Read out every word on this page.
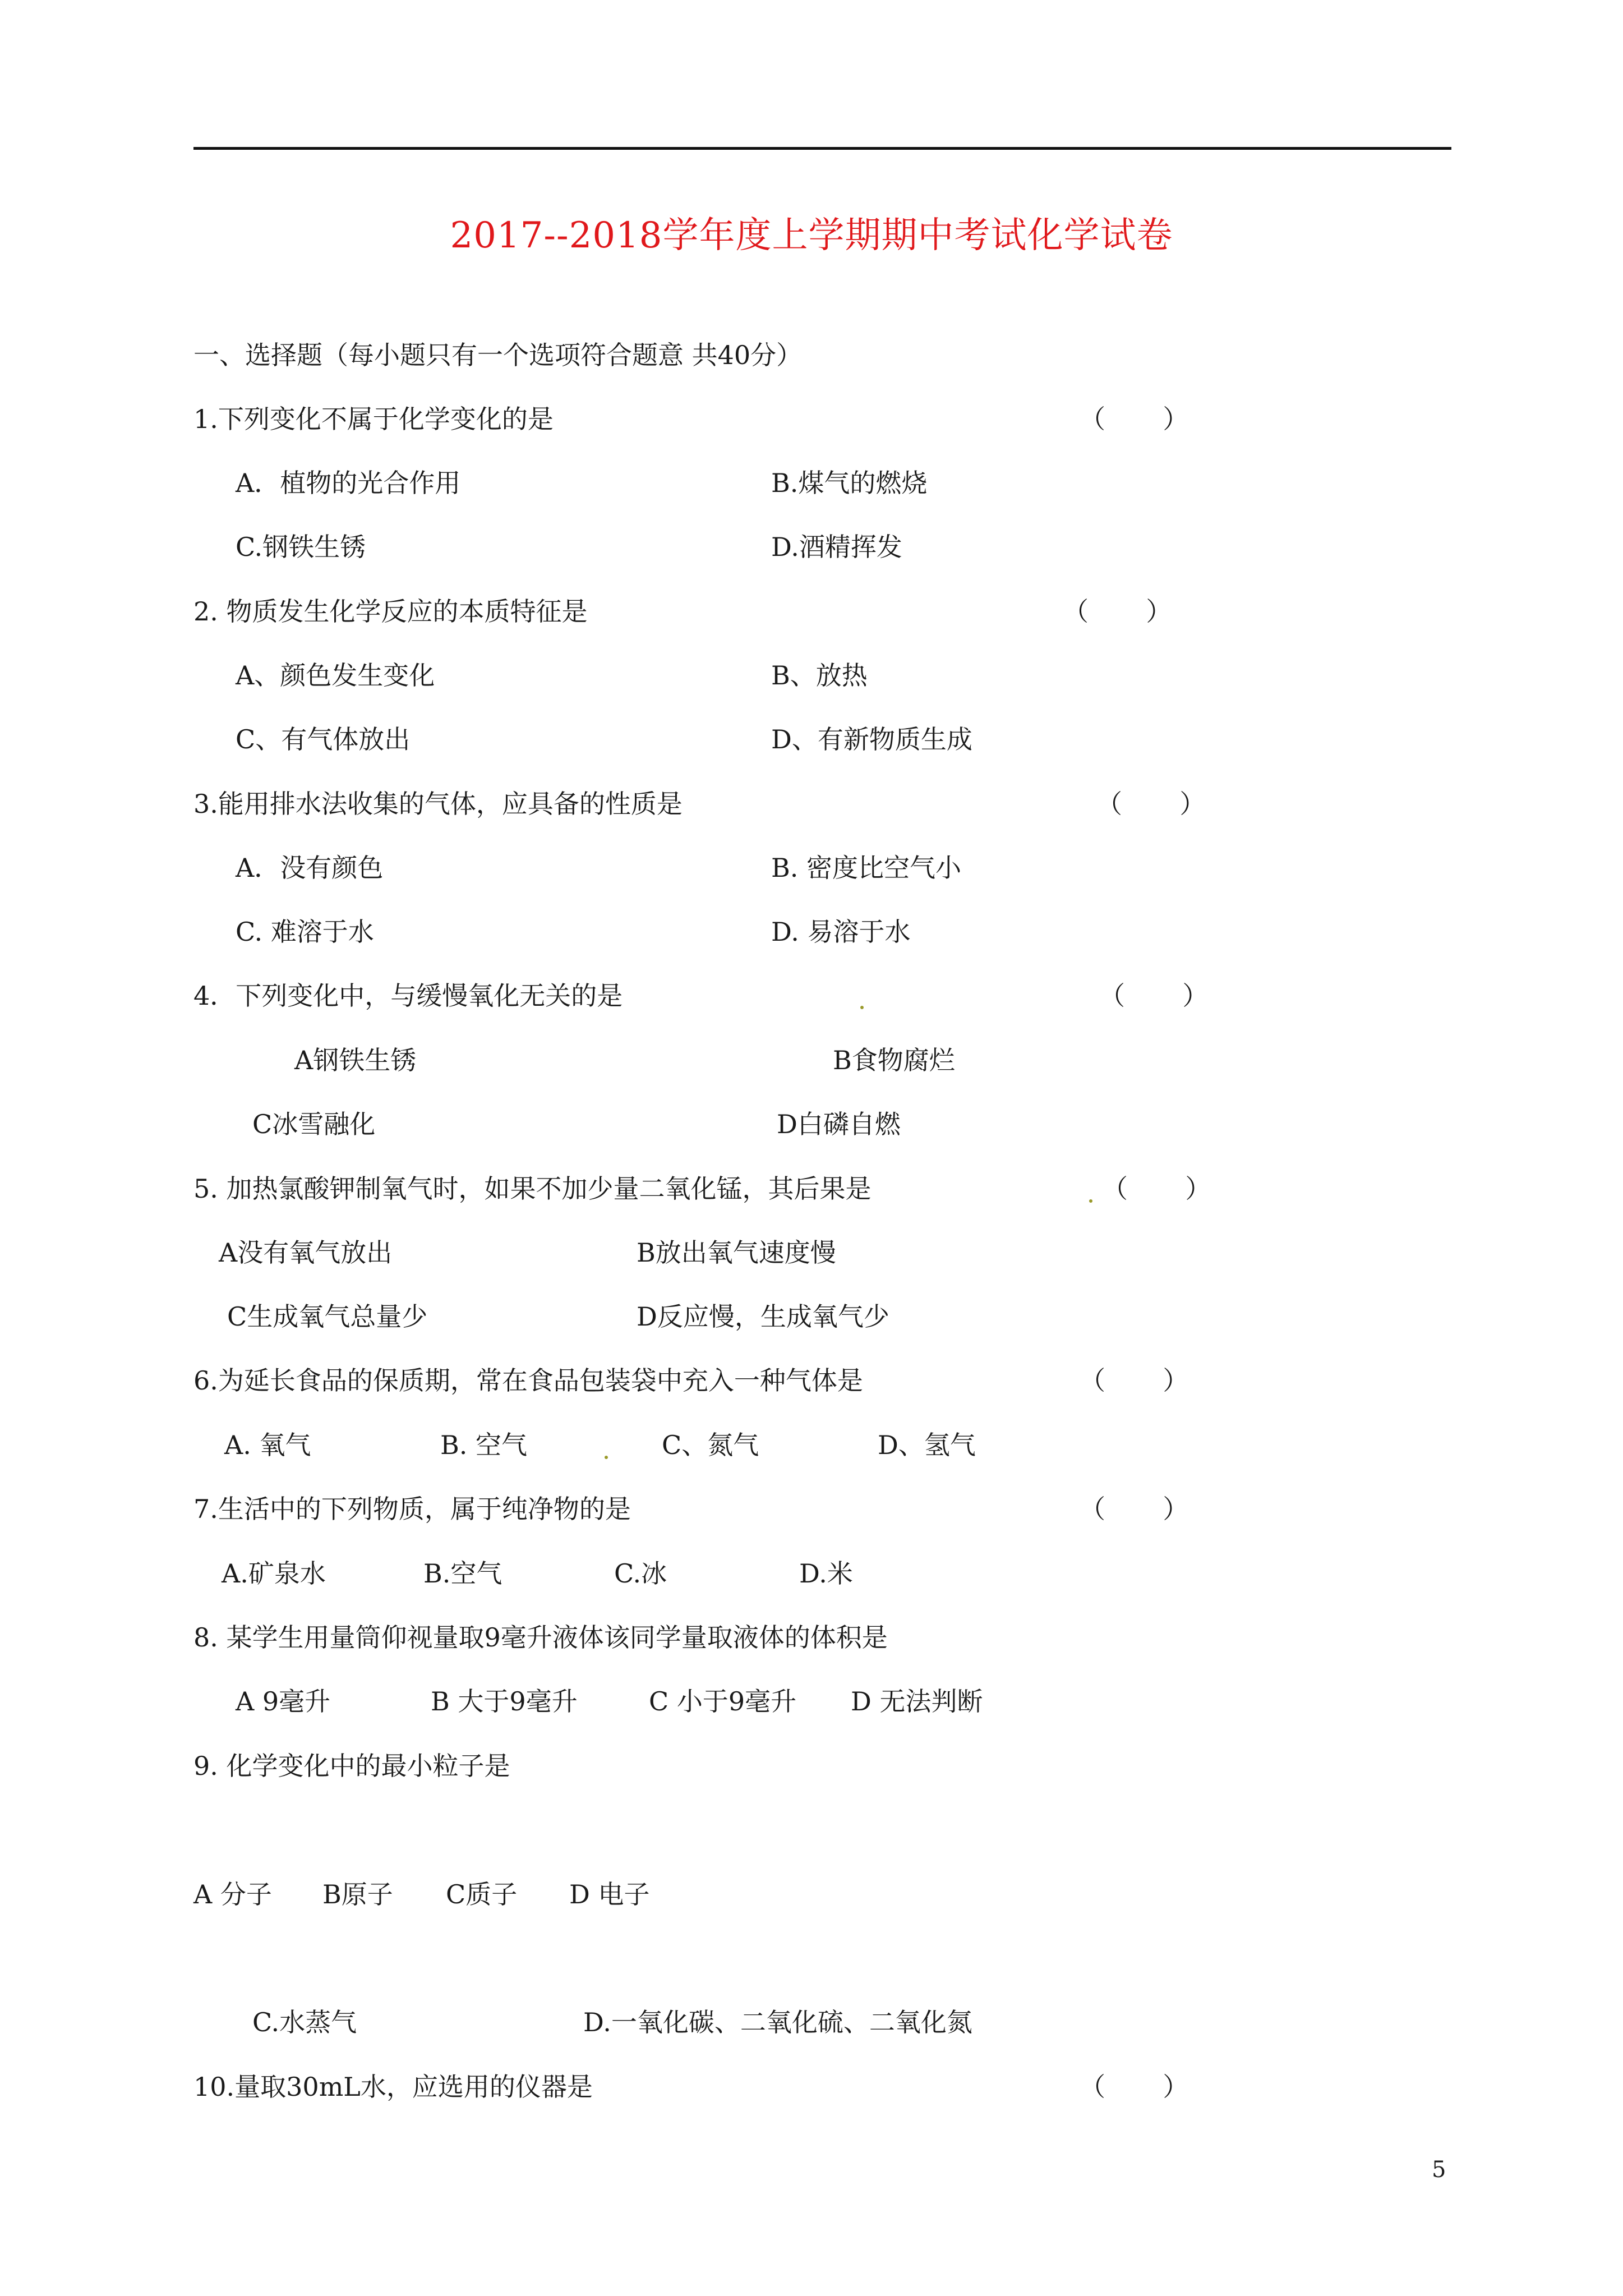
2017--2018学年度上学期期中考试化学试卷
一、选择题（每小题只有一个选项符合题意 共40分）
1.下列变化不属于化学变化的是	（       ）
A．植物的光合作用	B.煤气的燃烧
C.钢铁生锈	D.酒精挥发
2. 物质发生化学反应的本质特征是	（       ）
A、颜色发生变化	B、放热
C、有气体放出	D、有新物质生成
3.能用排水法收集的气体，应具备的性质是	（       ）
A．没有颜色	B. 密度比空气小
C. 难溶于水	D. 易溶于水
4．下列变化中，与缓慢氧化无关的是	（       ）
A钢铁生锈	B食物腐烂
C冰雪融化	D白磷自燃
5. 加热氯酸钾制氧气时，如果不加少量二氧化锰，其后果是	（       ）
A没有氧气放出	B放出氧气速度慢
C生成氧气总量少	D反应慢，生成氧气少
6.为延长食品的保质期，常在食品包装袋中充入一种气体是	（       ）
A. 氧气	B. 空气	C、氮气	D、氢气
7.生活中的下列物质，属于纯净物的是	（       ）
A.矿泉水	B.空气	C.冰	D.米
8. 某学生用量筒仰视量取9毫升液体该同学量取液体的体积是
A 9毫升	B 大于9毫升	C 小于9毫升 D 无法判断
9. 化学变化中的最小粒子是
A 分子 B原子 C质子 D 电子
C.水蒸气	D.一氧化碳、二氧化硫、二氧化氮
10.量取30mL水，应选用的仪器是	（       ）
5
